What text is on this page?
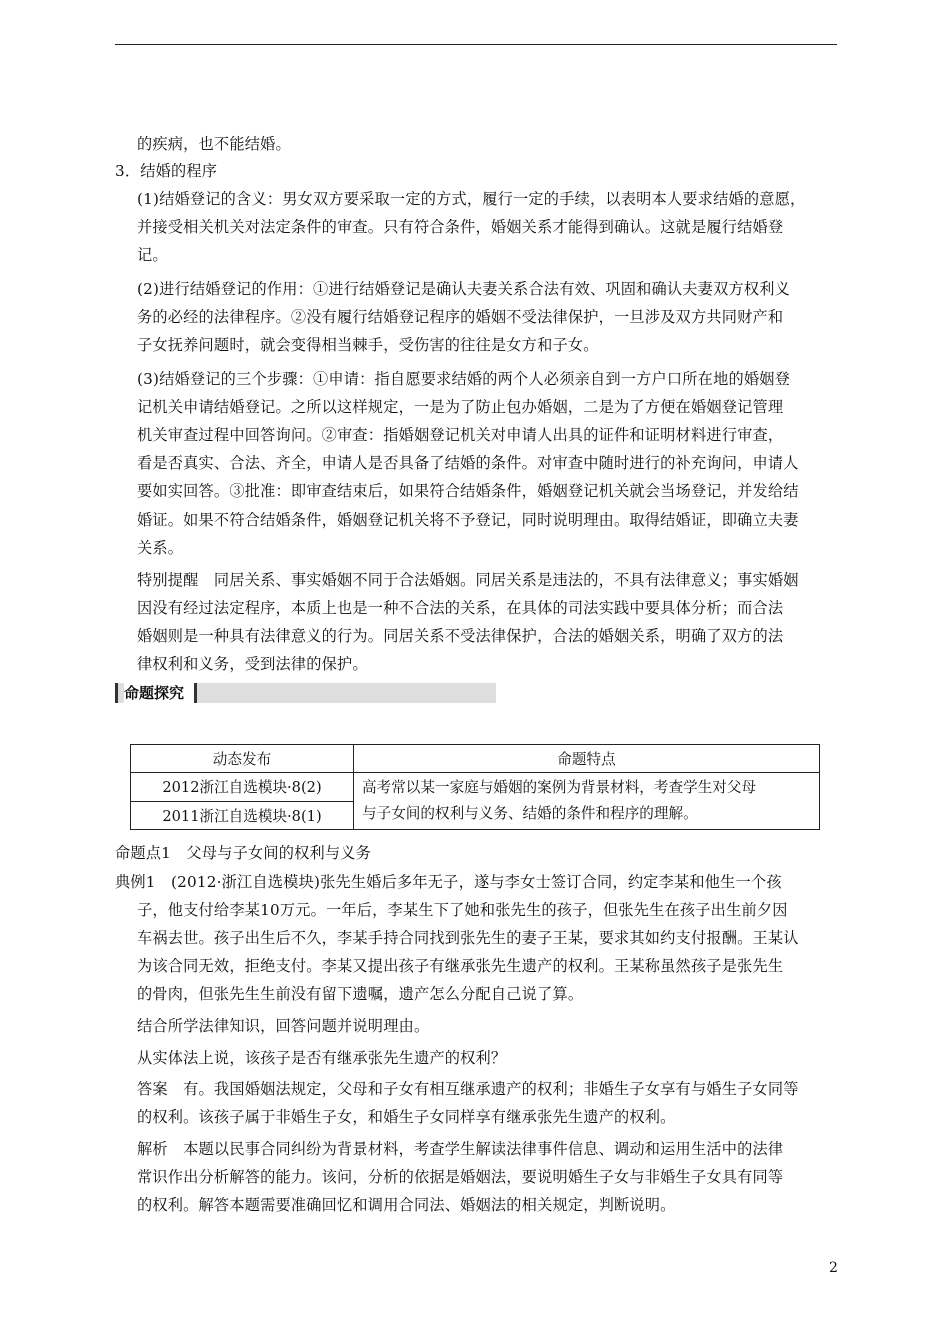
的疾病，也不能结婚。
3．结婚的程序
(1)结婚登记的含义：男女双方要采取一定的方式，履行一定的手续，以表明本人要求结婚的意愿，
并接受相关机关对法定条件的审查。只有符合条件，婚姻关系才能得到确认。这就是履行结婚登
记。
(2)进行结婚登记的作用：①进行结婚登记是确认夫妻关系合法有效、巩固和确认夫妻双方权利义
务的必经的法律程序。②没有履行结婚登记程序的婚姻不受法律保护，一旦涉及双方共同财产和
子女抚养问题时，就会变得相当棘手，受伤害的往往是女方和子女。
(3)结婚登记的三个步骤：①申请：指自愿要求结婚的两个人必须亲自到一方户口所在地的婚姻登
记机关申请结婚登记。之所以这样规定，一是为了防止包办婚姻，二是为了方便在婚姻登记管理
机关审查过程中回答询问。②审查：指婚姻登记机关对申请人出具的证件和证明材料进行审查，
看是否真实、合法、齐全，申请人是否具备了结婚的条件。对审查中随时进行的补充询问，申请人
要如实回答。③批准：即审查结束后，如果符合结婚条件，婚姻登记机关就会当场登记，并发给结
婚证。如果不符合结婚条件，婚姻登记机关将不予登记，同时说明理由。取得结婚证，即确立夫妻
关系。
特别提醒　同居关系、事实婚姻不同于合法婚姻。同居关系是违法的，不具有法律意义；事实婚姻
因没有经过法定程序，本质上也是一种不合法的关系，在具体的司法实践中要具体分析；而合法
婚姻则是一种具有法律意义的行为。同居关系不受法律保护，合法的婚姻关系，明确了双方的法
律权利和义务，受到法律的保护。
命题探究
动态发布	命题特点
2012浙江自选模块·8(2)	高考常以某一家庭与婚姻的案例为背景材料，考查学生对父母
与子女间的权利与义务、结婚的条件和程序的理解。

2011浙江自选模块·8(1)	
命题点1　父母与子女间的权利与义务
典例1　(2012·浙江自选模块)张先生婚后多年无子，遂与李女士签订合同，约定李某和他生一个孩
子，他支付给李某10万元。一年后，李某生下了她和张先生的孩子，但张先生在孩子出生前夕因
车祸去世。孩子出生后不久，李某手持合同找到张先生的妻子王某，要求其如约支付报酬。王某认
为该合同无效，拒绝支付。李某又提出孩子有继承张先生遗产的权利。王某称虽然孩子是张先生
的骨肉，但张先生生前没有留下遗嘱，遗产怎么分配自己说了算。
结合所学法律知识，回答问题并说明理由。
从实体法上说，该孩子是否有继承张先生遗产的权利？
答案　有。我国婚姻法规定，父母和子女有相互继承遗产的权利；非婚生子女享有与婚生子女同等
的权利。该孩子属于非婚生子女，和婚生子女同样享有继承张先生遗产的权利。
解析　本题以民事合同纠纷为背景材料，考查学生解读法律事件信息、调动和运用生活中的法律
常识作出分析解答的能力。该问，分析的依据是婚姻法，要说明婚生子女与非婚生子女具有同等
的权利。解答本题需要准确回忆和调用合同法、婚姻法的相关规定，判断说明。
2
